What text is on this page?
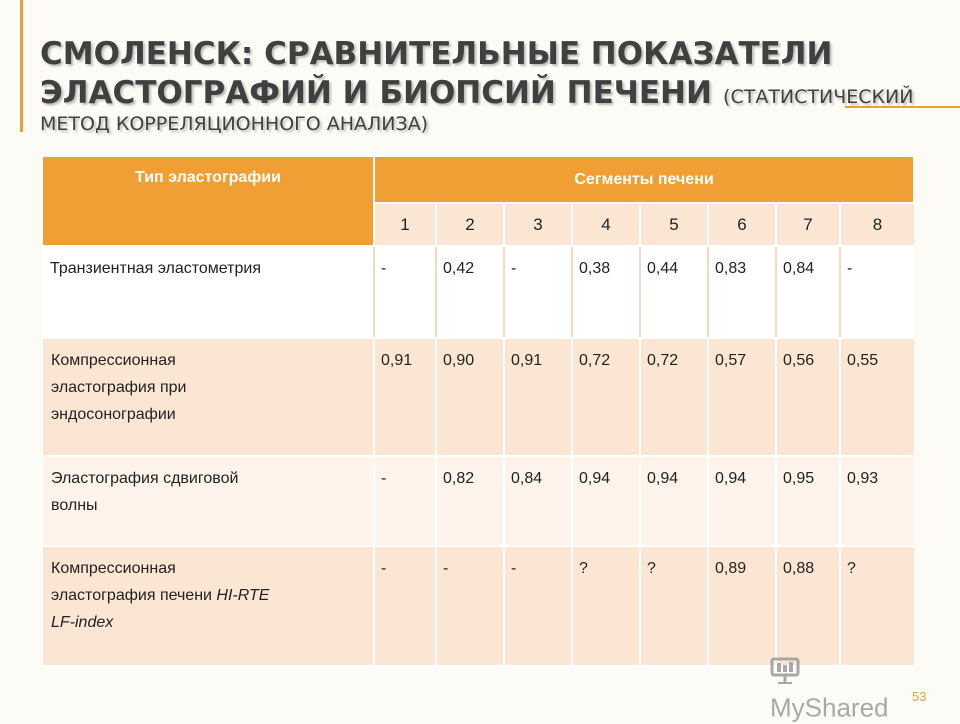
СМОЛЕНСК: СРАВНИТЕЛЬНЫЕ ПОКАЗАТЕЛИ
ЭЛАСТОГРАФИЙ И БИОПСИЙ ПЕЧЕНИ (СТАТИСТИЧЕСКИЙ
МЕТОД КОРРЕЛЯЦИОННОГО АНАЛИЗА)
Тип эластографии	Сегменты печени							
	1	2	3	4	5	6	7	8
Транзиентная эластометрия	-	0,42	-	0,38	0,44	0,83	0,84	-
Компрессионная
эластография при
эндосонографии	0,91	0,90	0,91	0,72	0,72	0,57	0,56	0,55
Эластография сдвиговой
волны	-	0,82	0,84	0,94	0,94	0,94	0,95	0,93
Компрессионная
эластография печени HI-RTE
LF-index	-	-	-	?	?	0,89	0,88	?
MyShared	53
